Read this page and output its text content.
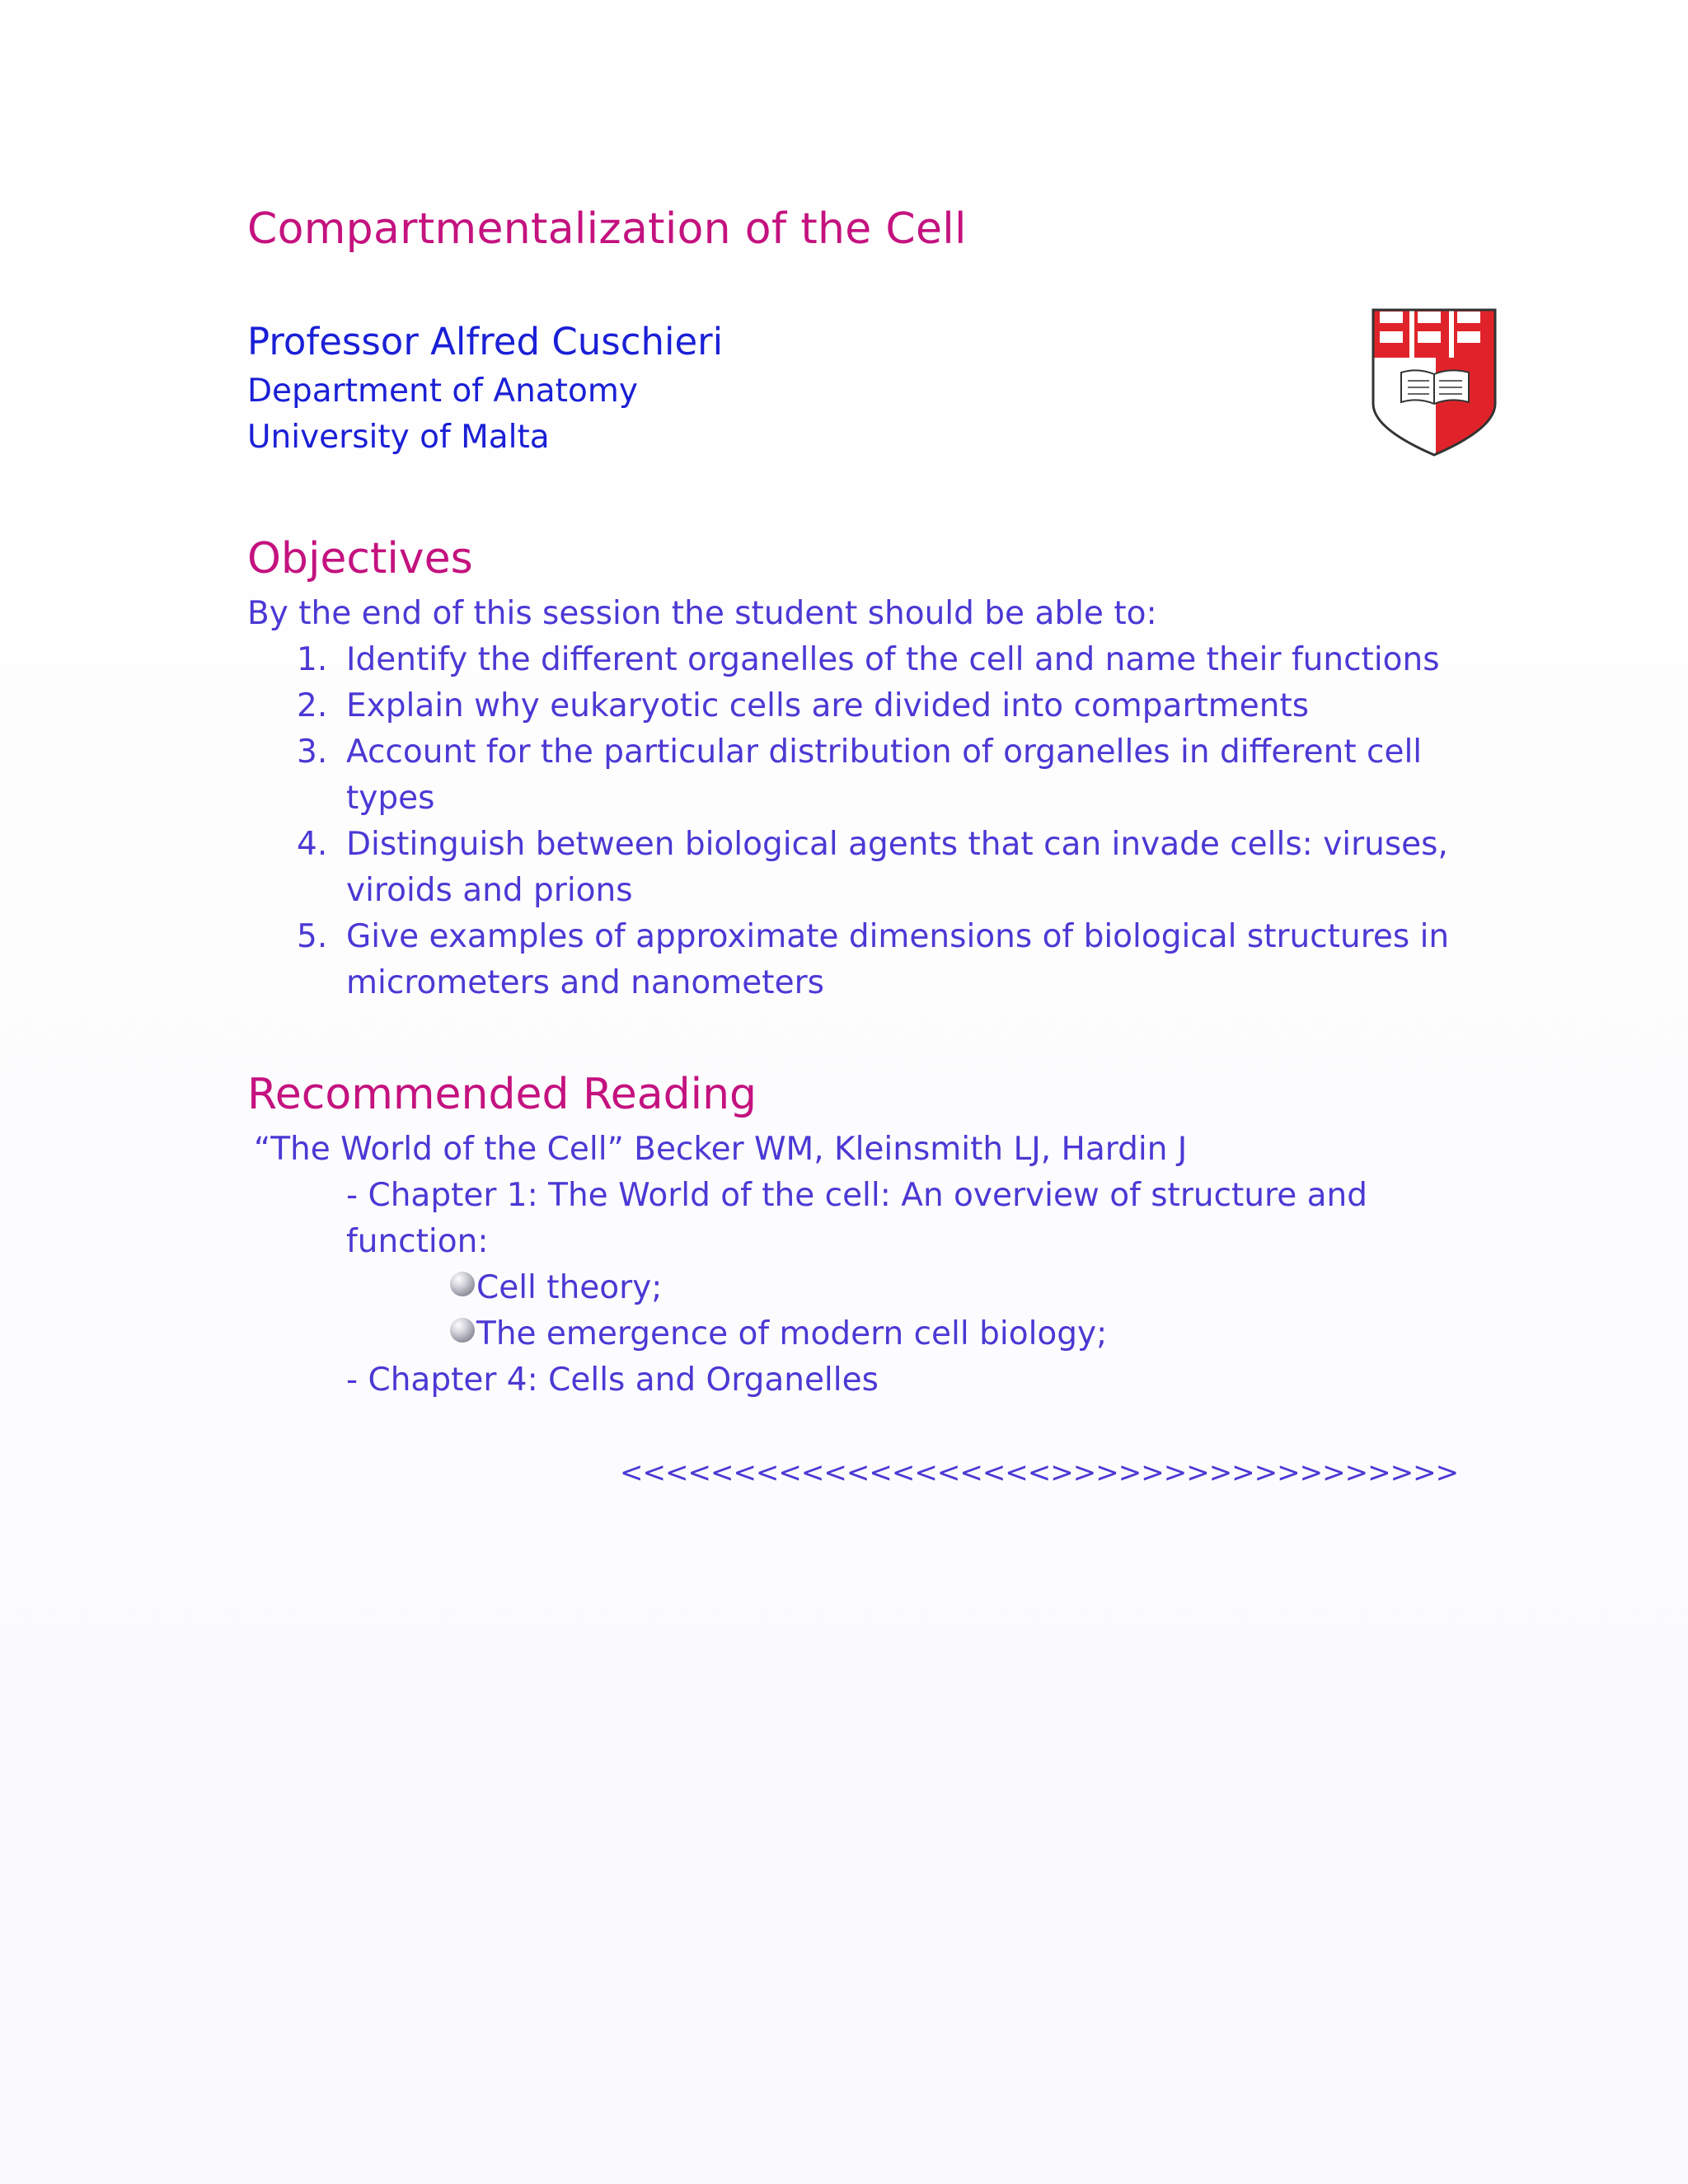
Compartmentalization of the Cell
Professor Alfred Cuschieri
Department of Anatomy
University of Malta
Objectives
By the end of this session the student should be able to:
1. Identify the different organelles of the cell and name their functions
2. Explain why eukaryotic cells are divided into compartments
3. Account for the particular distribution of organelles in different cell
types
4. Distinguish between biological agents that can invade cells: viruses,
viroids and prions
5. Give examples of approximate dimensions of biological structures in
micrometers and nanometers
Recommended Reading
“The World of the Cell” Becker WM, Kleinsmith LJ, Hardin J
- Chapter 1: The World of the cell: An overview of structure and
function:
Cell theory;
The emergence of modern cell biology;
- Chapter 4: Cells and Organelles
<<<<<<<<<<<<<<<<<<<>>>>>>>>>>>>>>>>>>
